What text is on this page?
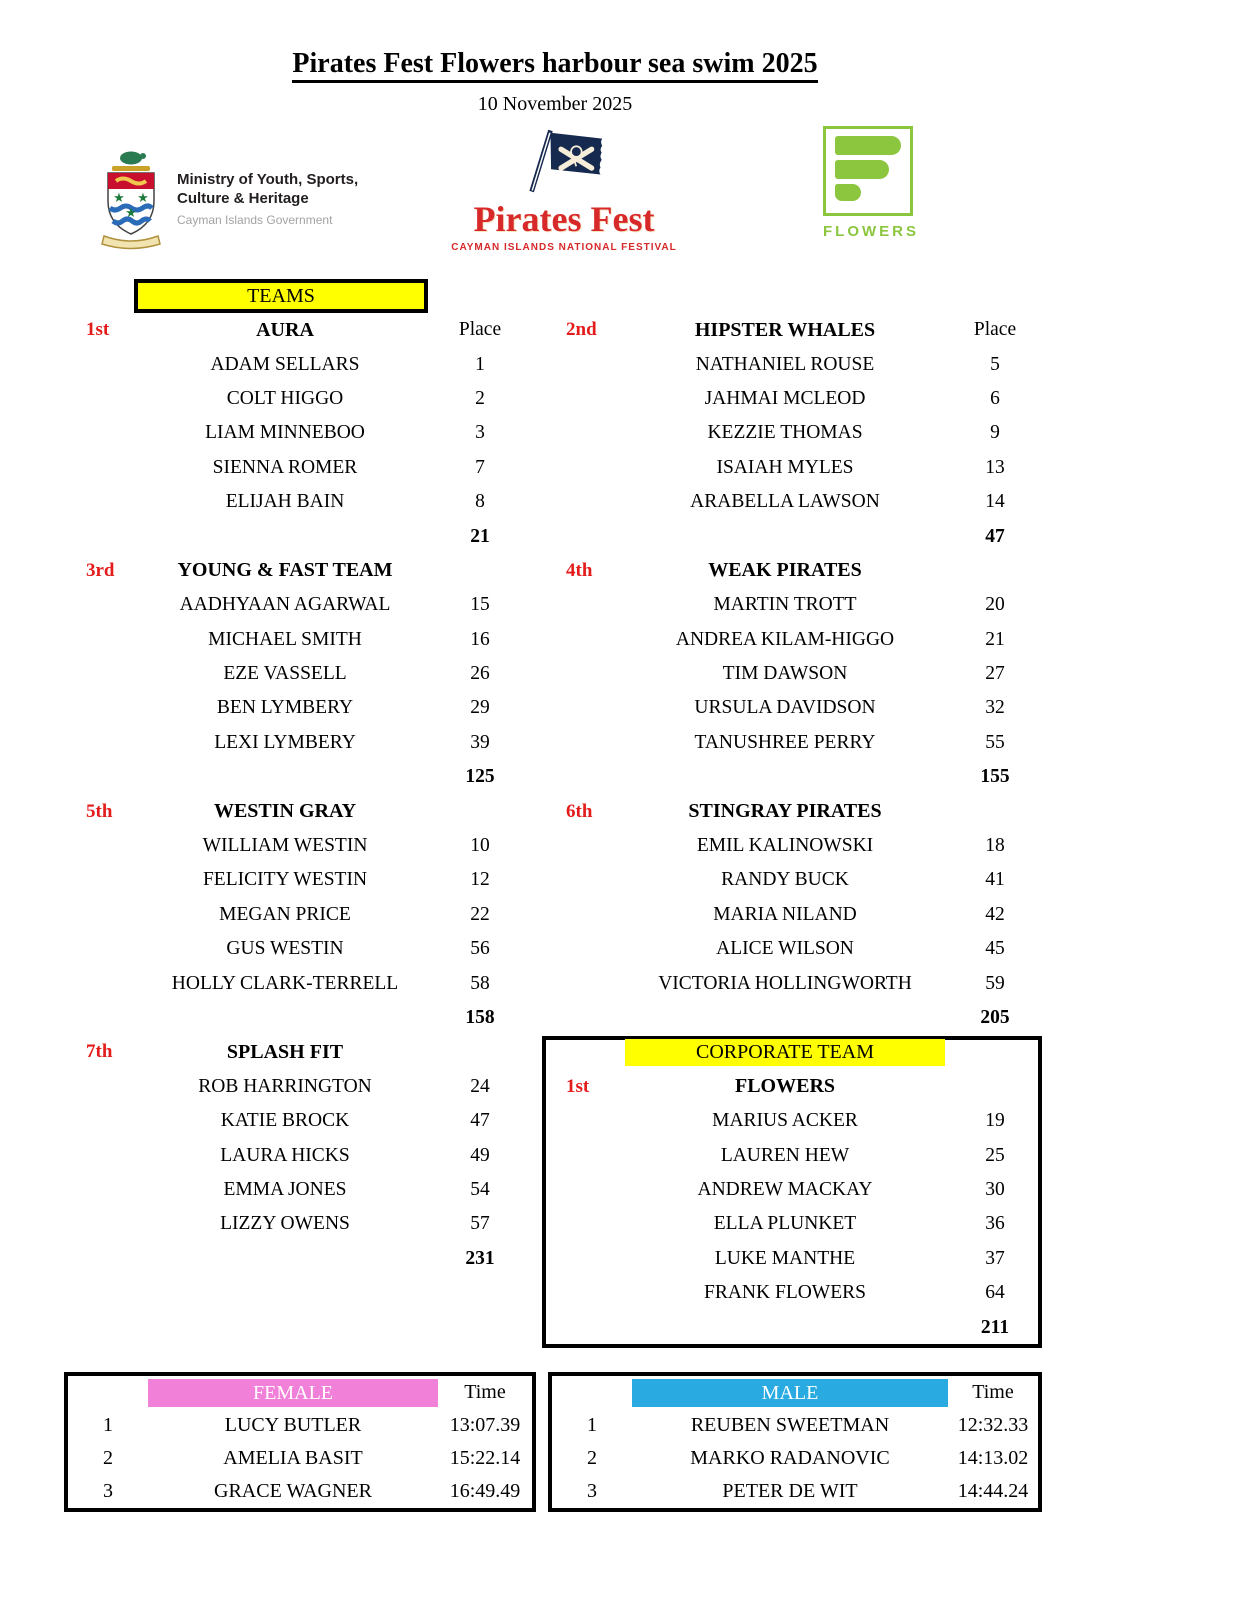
Pirates Fest Flowers harbour sea swim 2025
10 November 2025
★ ★
★
Ministry of Youth, Sports,
Culture & Heritage
Cayman Islands Government	Pirates Fest
CAYMAN ISLANDS NATIONAL FESTIVAL
FLOWERS
TEAMS
1st	AURA	Place
ADAM SELLARS	1
COLT HIGGO	2
LIAM MINNEBOO	3
SIENNA ROMER	7
ELIJAH BAIN	8
21
3rd	YOUNG & FAST TEAM
AADHYAAN AGARWAL	15
MICHAEL SMITH	16
EZE VASSELL	26
BEN LYMBERY	29
LEXI LYMBERY	39
125
5th	WESTIN GRAY
WILLIAM WESTIN	10
FELICITY WESTIN	12
MEGAN PRICE	22
GUS WESTIN	56
HOLLY CLARK-TERRELL	58
158
7th	SPLASH FIT
ROB HARRINGTON	24
KATIE BROCK	47
LAURA HICKS	49
EMMA JONES	54
LIZZY OWENS	57
231
2nd	HIPSTER WHALES	Place
NATHANIEL ROUSE	5
JAHMAI MCLEOD	6
KEZZIE THOMAS	9
ISAIAH MYLES	13
ARABELLA LAWSON	14
47
4th	WEAK PIRATES
MARTIN TROTT	20
ANDREA KILAM-HIGGO	21
TIM DAWSON	27
URSULA DAVIDSON	32
TANUSHREE PERRY	55
155
6th	STINGRAY PIRATES
EMIL KALINOWSKI	18
RANDY BUCK	41
MARIA NILAND	42
ALICE WILSON	45
VICTORIA HOLLINGWORTH	59
205
CORPORATE TEAM
1st	FLOWERS
MARIUS ACKER	19
LAUREN HEW	25
ANDREW MACKAY	30
ELLA PLUNKET	36
LUKE MANTHE	37
FRANK FLOWERS	64
211
FEMALE	Time
1	LUCY BUTLER	13:07.39
2	AMELIA BASIT	15:22.14
3	GRACE WAGNER	16:49.49
MALE	Time
1	REUBEN SWEETMAN	12:32.33
2	MARKO RADANOVIC	14:13.02
3	PETER DE WIT	14:44.24
